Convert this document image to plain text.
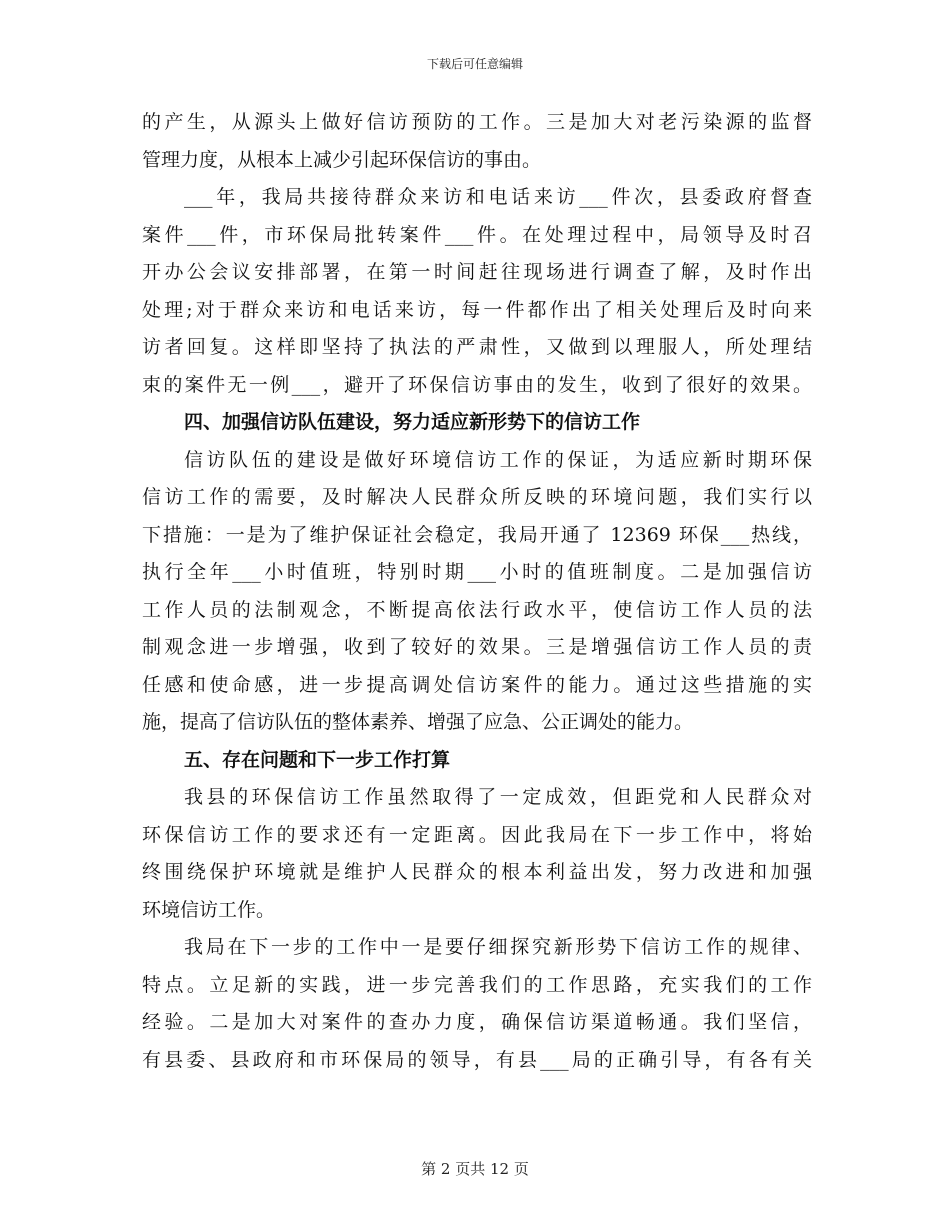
下载后可任意编辑
的产生，从源头上做好信访预防的工作。三是加大对老污染源的监督
管理力度，从根本上减少引起环保信访的事由。
___年，我局共接待群众来访和电话来访___件次，县委政府督查
案件___件，市环保局批转案件___件。在处理过程中，局领导及时召
开办公会议安排部署，在第一时间赶往现场进行调查了解，及时作出
处理;对于群众来访和电话来访，每一件都作出了相关处理后及时向来
访者回复。这样即坚持了执法的严肃性，又做到以理服人，所处理结
束的案件无一例___，避开了环保信访事由的发生，收到了很好的效果。
四、加强信访队伍建设，努力适应新形势下的信访工作
信访队伍的建设是做好环境信访工作的保证，为适应新时期环保
信访工作的需要，及时解决人民群众所反映的环境问题，我们实行以
下措施：一是为了维护保证社会稳定，我局开通了 12369 环保___热线，
执行全年___小时值班，特别时期___小时的值班制度。二是加强信访
工作人员的法制观念，不断提高依法行政水平，使信访工作人员的法
制观念进一步增强，收到了较好的效果。三是增强信访工作人员的责
任感和使命感，进一步提高调处信访案件的能力。通过这些措施的实
施，提高了信访队伍的整体素养、增强了应急、公正调处的能力。
五、存在问题和下一步工作打算
我县的环保信访工作虽然取得了一定成效，但距党和人民群众对
环保信访工作的要求还有一定距离。因此我局在下一步工作中，将始
终围绕保护环境就是维护人民群众的根本利益出发，努力改进和加强
环境信访工作。
我局在下一步的工作中一是要仔细探究新形势下信访工作的规律、
特点。立足新的实践，进一步完善我们的工作思路，充实我们的工作
经验。二是加大对案件的查办力度，确保信访渠道畅通。我们坚信，
有县委、县政府和市环保局的领导，有县___局的正确引导，有各有关
第 2 页共 12 页
